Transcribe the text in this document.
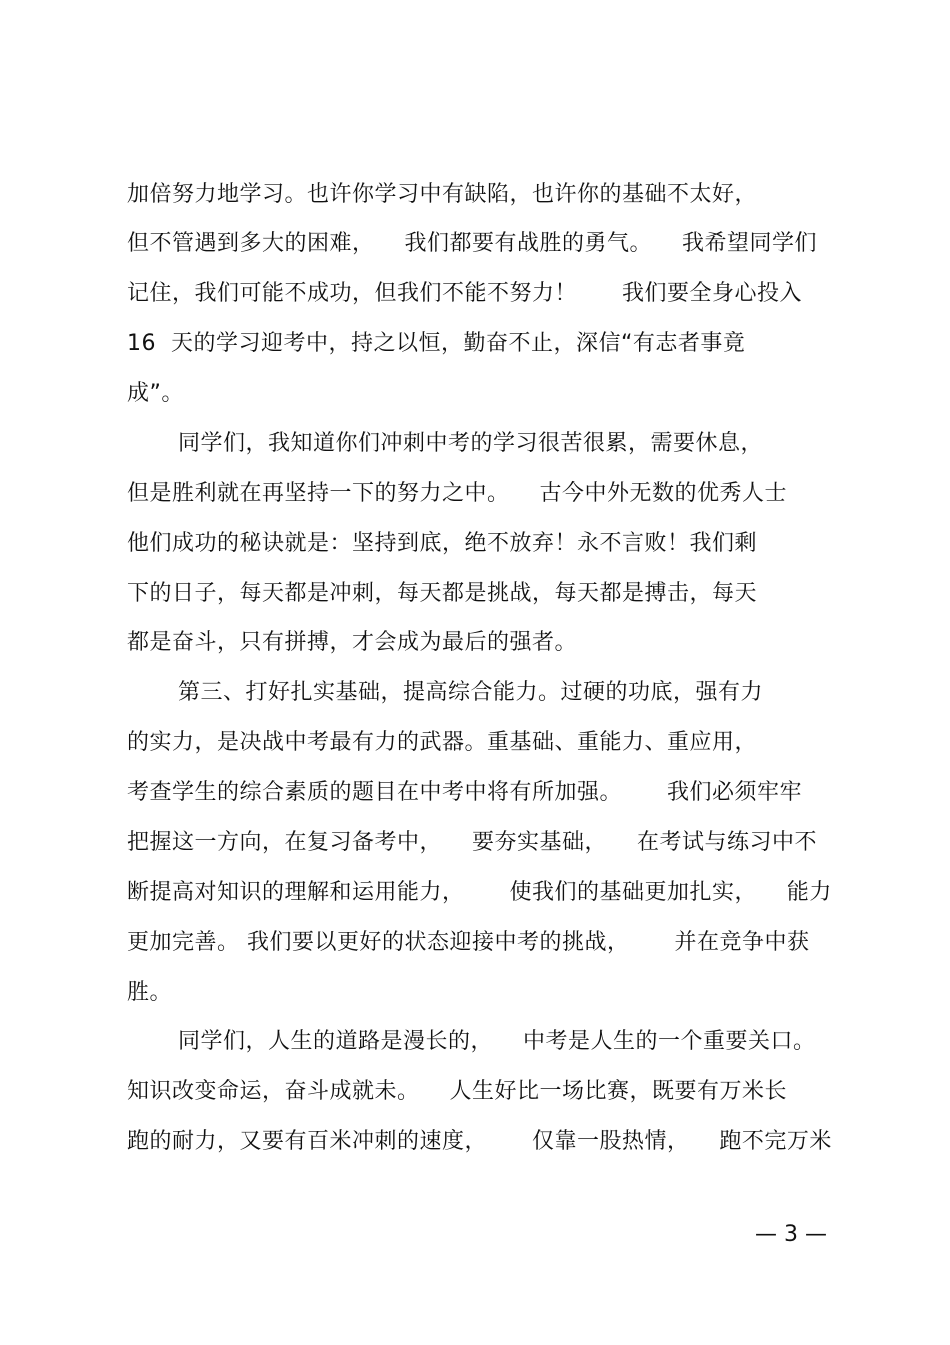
加倍努力地学习。也许你学习中有缺陷，也许你的基础不太好，
但不管遇到多大的困难，    我们都要有战胜的勇气。    我希望同学们
记住，我们可能不成功，但我们不能不努力！      我们要全身心投入
16  天的学习迎考中，持之以恒，勤奋不止，深信“有志者事竟
成”。
同学们，我知道你们冲刺中考的学习很苦很累，需要休息，
但是胜利就在再坚持一下的努力之中。    古今中外无数的优秀人士
他们成功的秘诀就是：坚持到底，绝不放弃！永不言败！我们剩
下的日子，每天都是冲刺，每天都是挑战，每天都是搏击，每天
都是奋斗，只有拼搏，才会成为最后的强者。
第三、打好扎实基础，提高综合能力。过硬的功底，强有力
的实力，是决战中考最有力的武器。重基础、重能力、重应用，
考查学生的综合素质的题目在中考中将有所加强。      我们必须牢牢
把握这一方向，在复习备考中，    要夯实基础，    在考试与练习中不
断提高对知识的理解和运用能力，      使我们的基础更加扎实，    能力
更加完善。 我们要以更好的状态迎接中考的挑战，      并在竞争中获
胜。
同学们，人生的道路是漫长的，    中考是人生的一个重要关口。
知识改变命运，奋斗成就未。    人生好比一场比赛，既要有万米长
跑的耐力，又要有百米冲刺的速度，      仅靠一股热情，    跑不完万米
— 3 —
